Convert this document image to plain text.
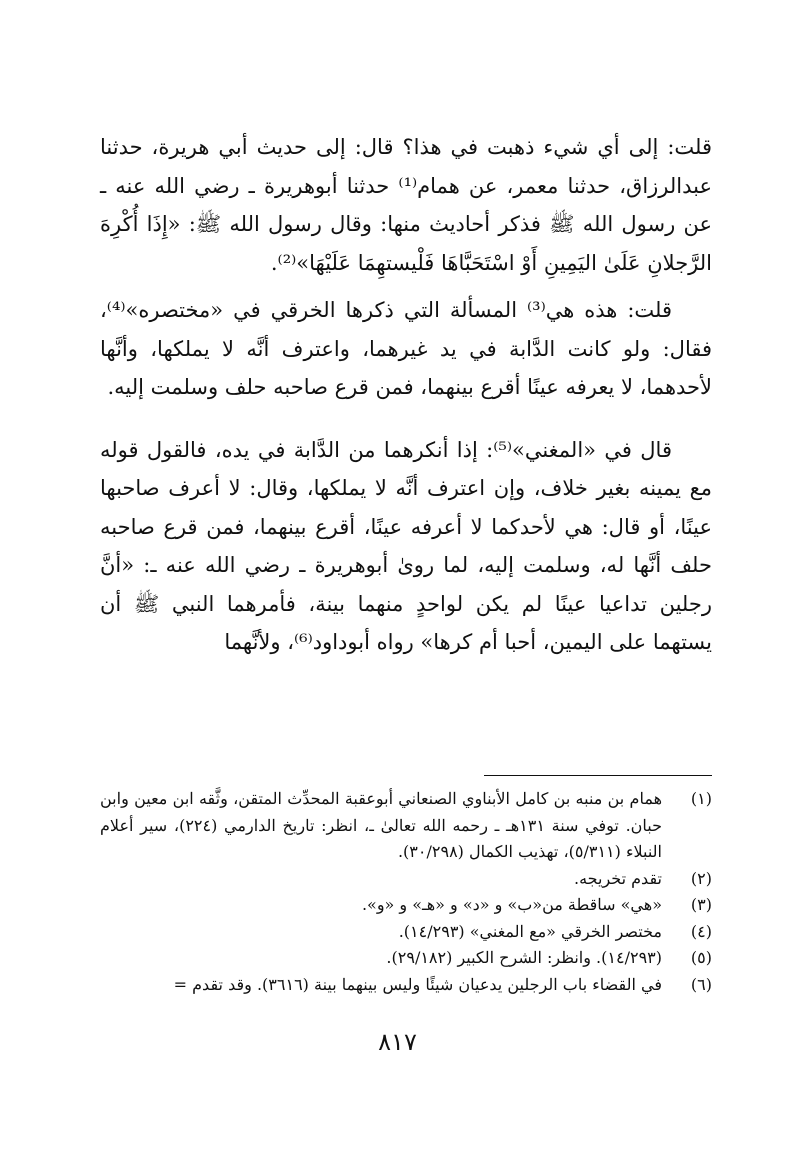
قلت: إلى أي شيء ذهبت في هذا؟ قال: إلى حديث أبي هريرة، حدثنا عبدالرزاق، حدثنا معمر، عن همام⁽¹⁾ حدثنا أبوهريرة ـ رضي الله عنه ـ عن رسول الله ﷺ فذكر أحاديث منها: وقال رسول الله ﷺ: «إِذَا أُكْرِهَ الرَّجلانِ عَلَىٰ اليَمِينِ أَوْ اسْتَحَبَّاهَا فَلْيستهِمَا عَلَيْهَا»⁽²⁾.

قلت: هذه هي⁽³⁾ المسألة التي ذكرها الخرقي في «مختصره»⁽⁴⁾، فقال: ولو كانت الدَّابة في يد غيرهما، واعترف أنَّه لا يملكها، وأنَّها لأحدهما، لا يعرفه عينًا أقرع بينهما، فمن قرع صاحبه حلف وسلمت إليه.

قال في «المغني»⁽⁵⁾: إذا أنكرهما من الدَّابة في يده، فالقول قوله مع يمينه بغير خلاف، وإن اعترف أنَّه لا يملكها، وقال: لا أعرف صاحبها عينًا، أو قال: هي لأحدكما لا أعرفه عينًا، أقرع بينهما، فمن قرع صاحبه حلف أنَّها له، وسلمت إليه، لما روىٰ أبوهريرة ـ رضي الله عنه ـ: «أنَّ رجلين تداعيا عينًا لم يكن لواحدٍ منهما بينة، فأمرهما النبي ﷺ أن يستهما على اليمين، أحبا أم كرها» رواه أبوداود⁽⁶⁾، ولأنَّهما

(١)
همام بن منبه بن كامل الأبناوي الصنعاني أبوعقبة المحدِّث المتقن، وثَّقه ابن معين وابن حبان. توفي سنة ١٣١هـ ـ رحمه الله تعالىٰ ـ، انظر: تاريخ الدارمي (٢٢٤)، سير أعلام النبلاء (٥/٣١١)، تهذيب الكمال (٣٠/٢٩٨).
(٢)
تقدم تخريجه.
(٣)
«هي» ساقطة من«ب» و «د» و «هـ» و «و».
(٤)
مختصر الخرقي «مع المغني» (١٤/٢٩٣).
(٥)
(١٤/٢٩٣). وانظر: الشرح الكبير (٢٩/١٨٢).
(٦)
في القضاء باب الرجلين يدعيان شيئًا وليس بينهما بينة (٣٦١٦). وقد تقدم =
٨١٧
